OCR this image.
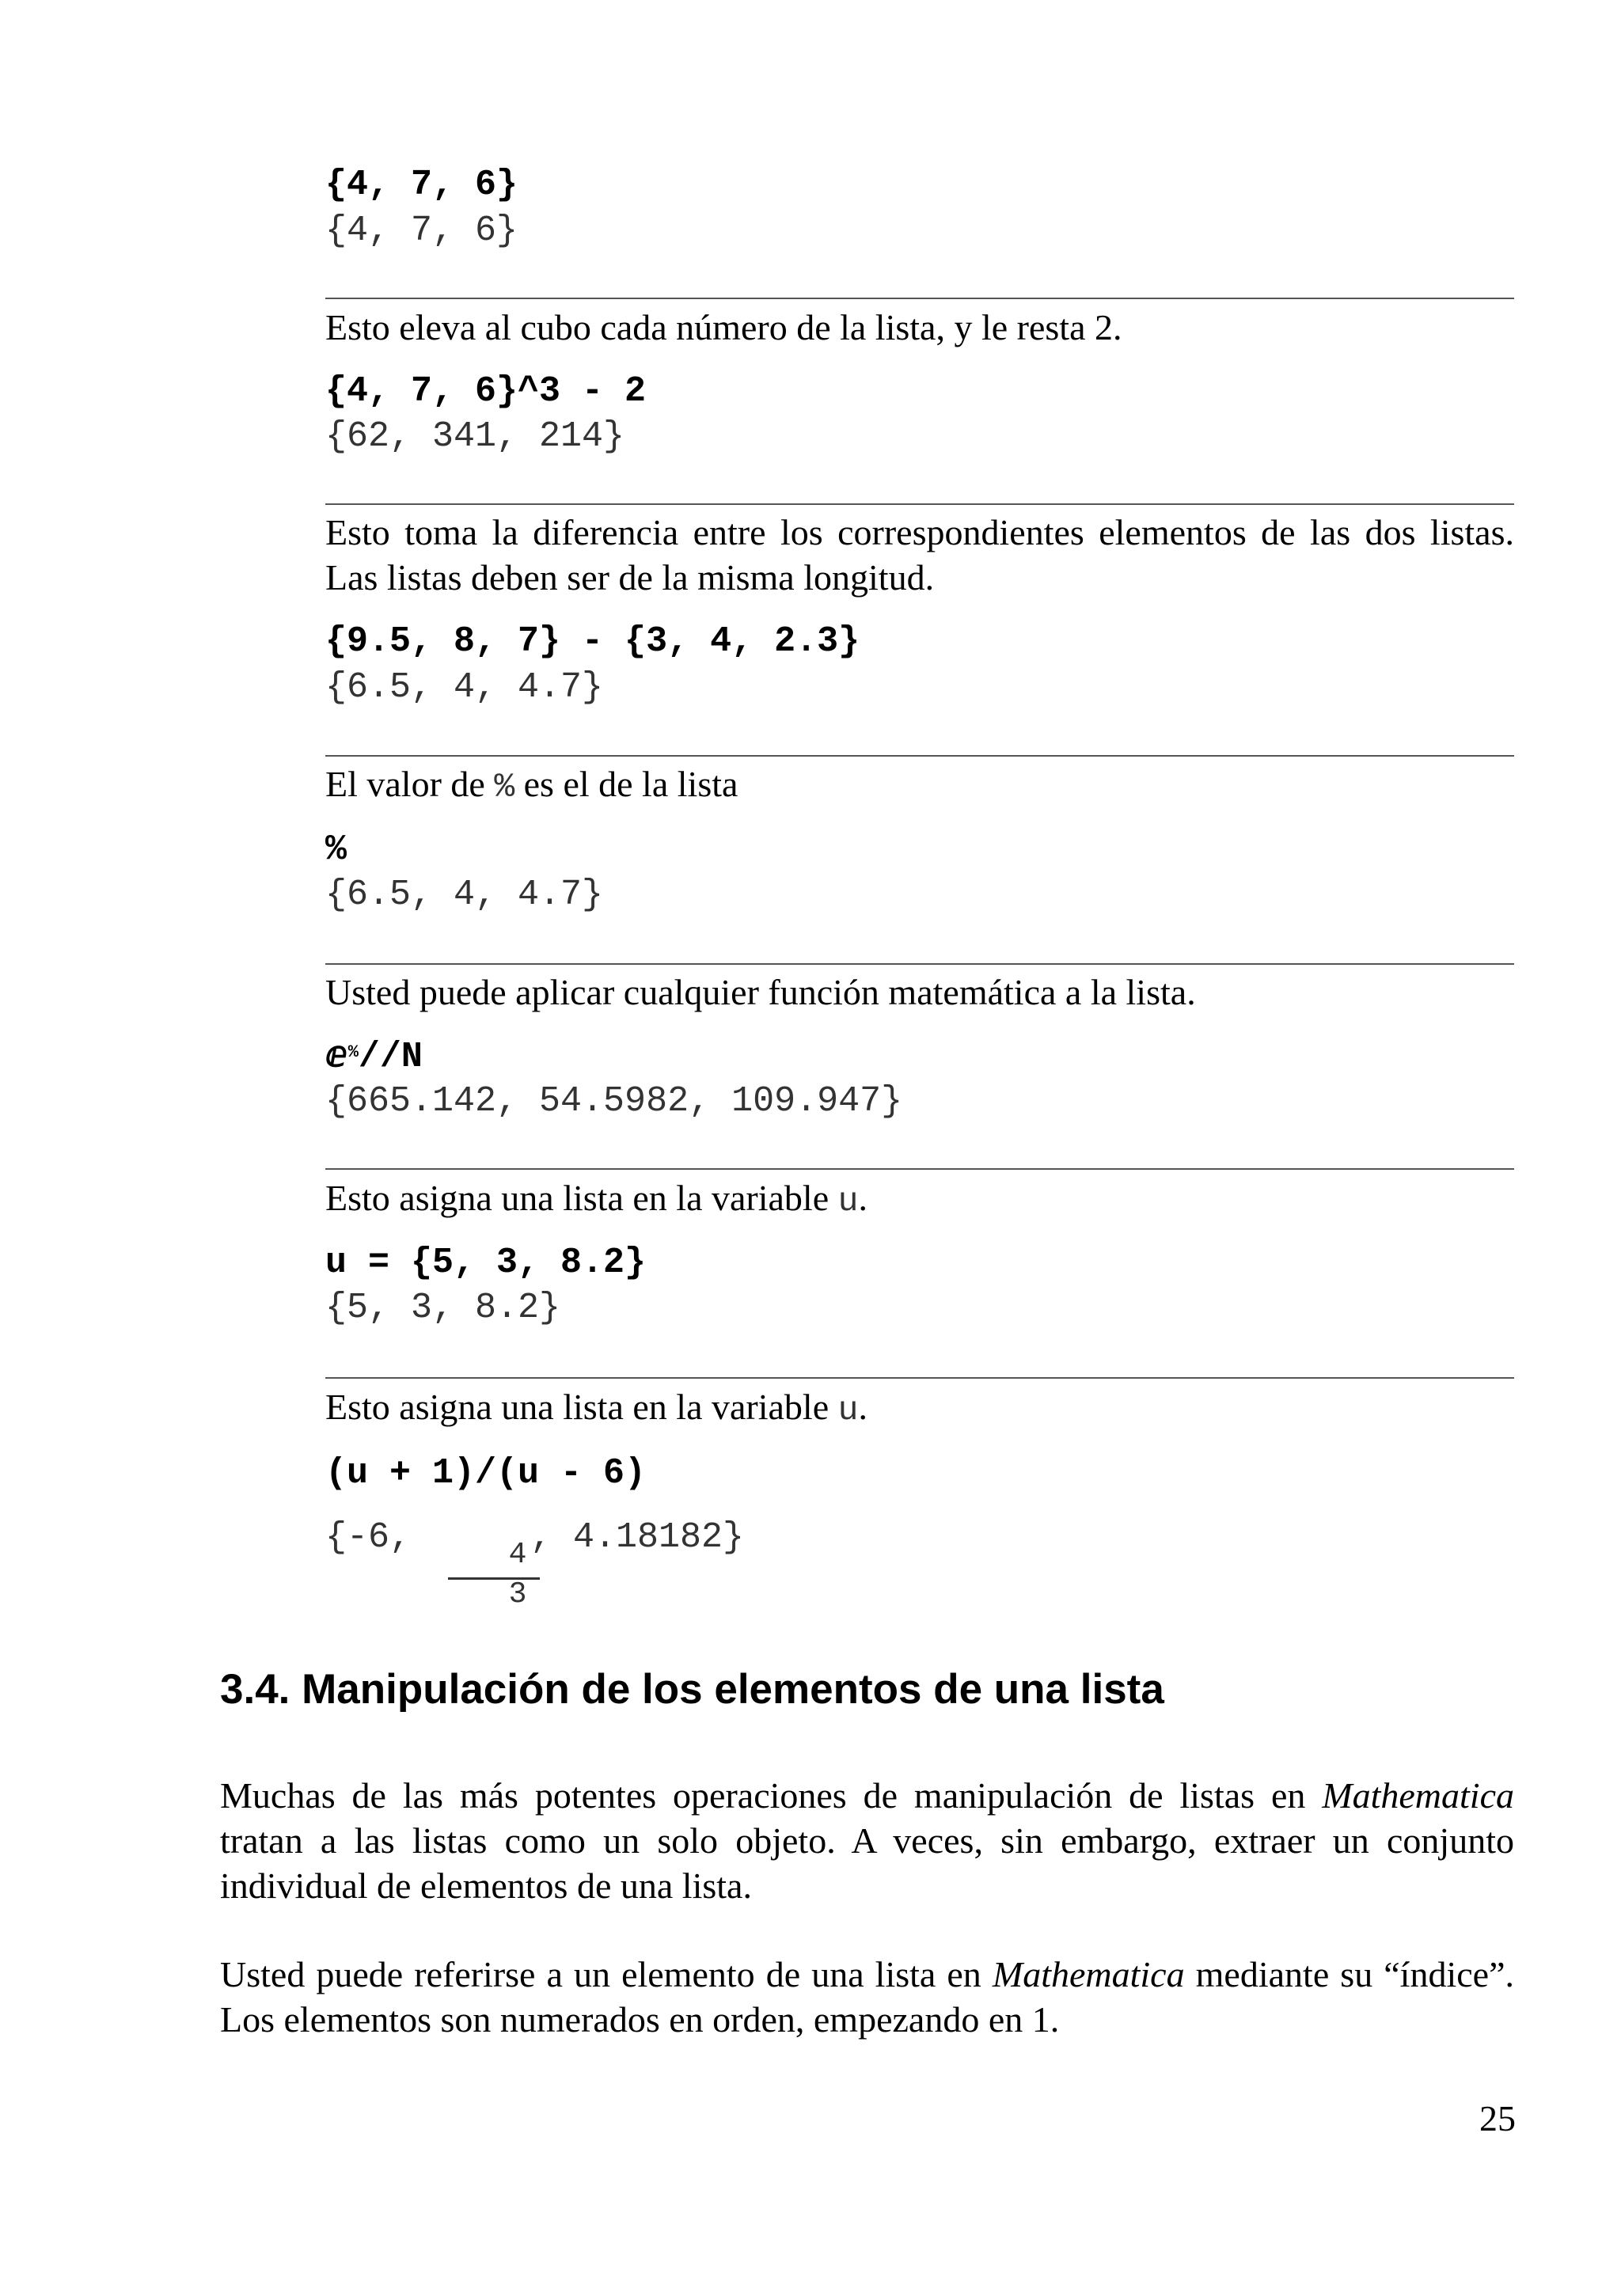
{4, 7, 6}
{4, 7, 6}
Esto eleva al cubo cada número de la lista, y le resta 2.
{4, 7, 6}^3 - 2
{62, 341, 214}
Esto toma la diferencia entre los correspondientes elementos de las dos listas. Las listas deben ser de la misma longitud.
{9.5, 8, 7} - {3, 4, 2.3}
{6.5, 4, 4.7}
El valor de % es el de la lista
%
{6.5, 4, 4.7}
Usted puede aplicar cualquier función matemática a la lista.
ⅇ%//N
{665.142, 54.5982, 109.947}
Esto asigna una lista en la variable u.
u = {5, 3, 8.2}
{5, 3, 8.2}
Esto asigna una lista en la variable u.
(u + 1)/(u - 6)
{-6,	4
3
, 4.18182}
3.4. Manipulación de los elementos de una lista
Muchas de las más potentes operaciones de manipulación de listas en Mathematica tratan a las listas como un solo objeto. A veces, sin embargo, extraer un conjunto individual de elementos de una lista.
Usted puede referirse a un elemento de una lista en Mathematica mediante su “índice”. Los elementos son numerados en orden, empezando en 1.
25
